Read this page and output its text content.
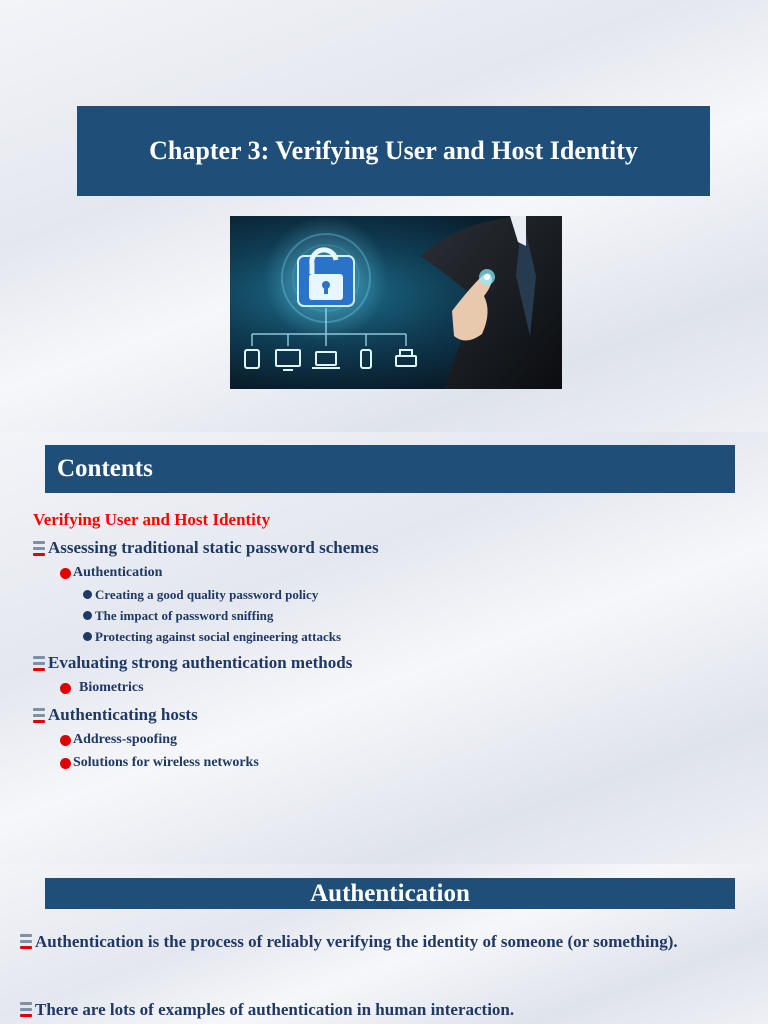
Chapter 3: Verifying User and Host Identity
Contents
Verifying User and Host Identity
Assessing traditional static password schemes
Authentication
Creating a good quality password policy
The impact of password sniffing
Protecting against social engineering attacks
Evaluating strong authentication methods
Biometrics
Authenticating hosts
Address-spoofing
Solutions for wireless networks
Authentication
Authentication is the process of reliably verifying the identity of someone (or something).
There are lots of examples of authentication in human interaction.
